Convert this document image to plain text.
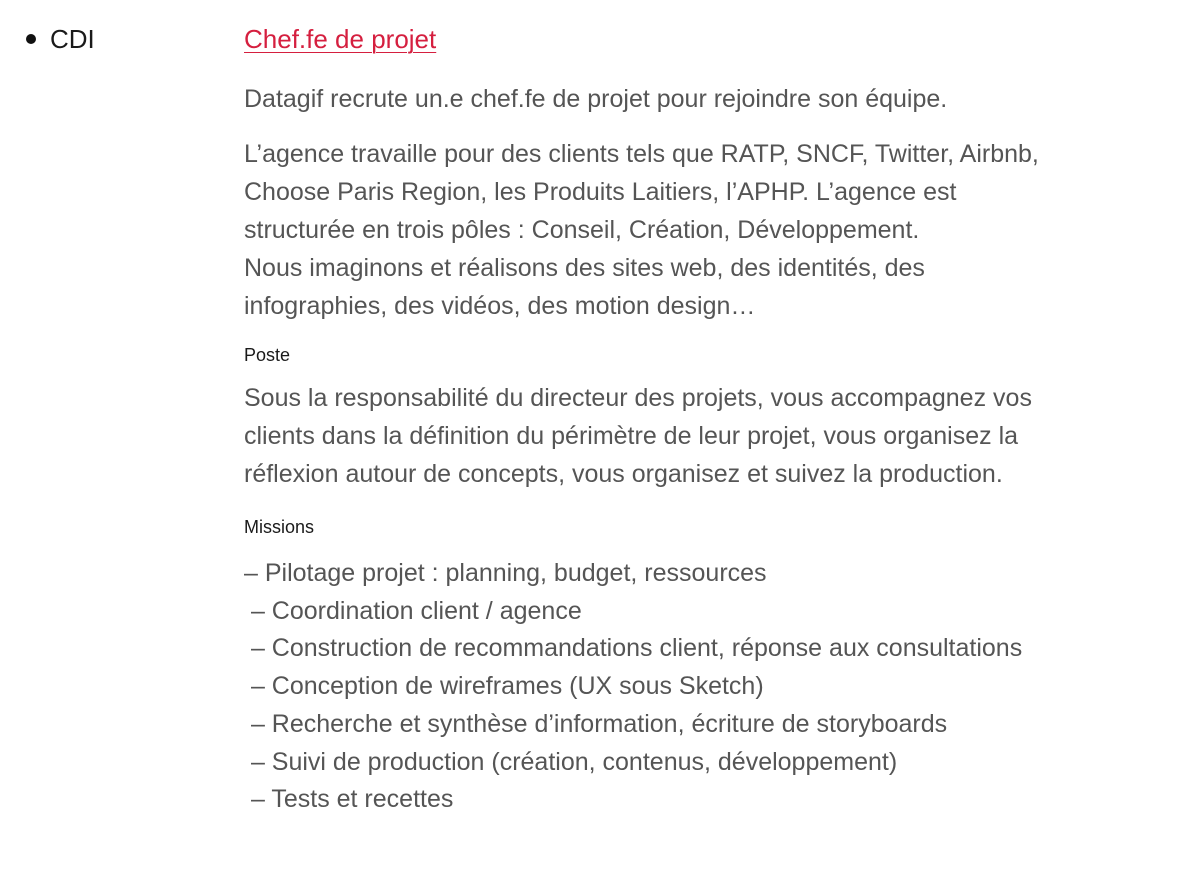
CDI	Chef.fe de projet

Datagif recrute un.e chef.fe de projet pour rejoindre son équipe.

L’agence travaille pour des clients tels que RATP, SNCF, Twitter, Airbnb,
Choose Paris Region, les Produits Laitiers, l’APHP. L’agence est
structurée en trois pôles : Conseil, Création, Développement.
Nous imaginons et réalisons des sites web, des identités, des
infographies, des vidéos, des motion design…

Poste

Sous la responsabilité du directeur des projets, vous accompagnez vos
clients dans la définition du périmètre de leur projet, vous organisez la
réflexion autour de concepts, vous organisez et suivez la production.

Missions

– Pilotage projet : planning, budget, ressources
– Coordination client / agence
– Construction de recommandations client, réponse aux consultations
– Conception de wireframes (UX sous Sketch)
– Recherche et synthèse d’information, écriture de storyboards
– Suivi de production (création, contenus, développement)
– Tests et recettes
